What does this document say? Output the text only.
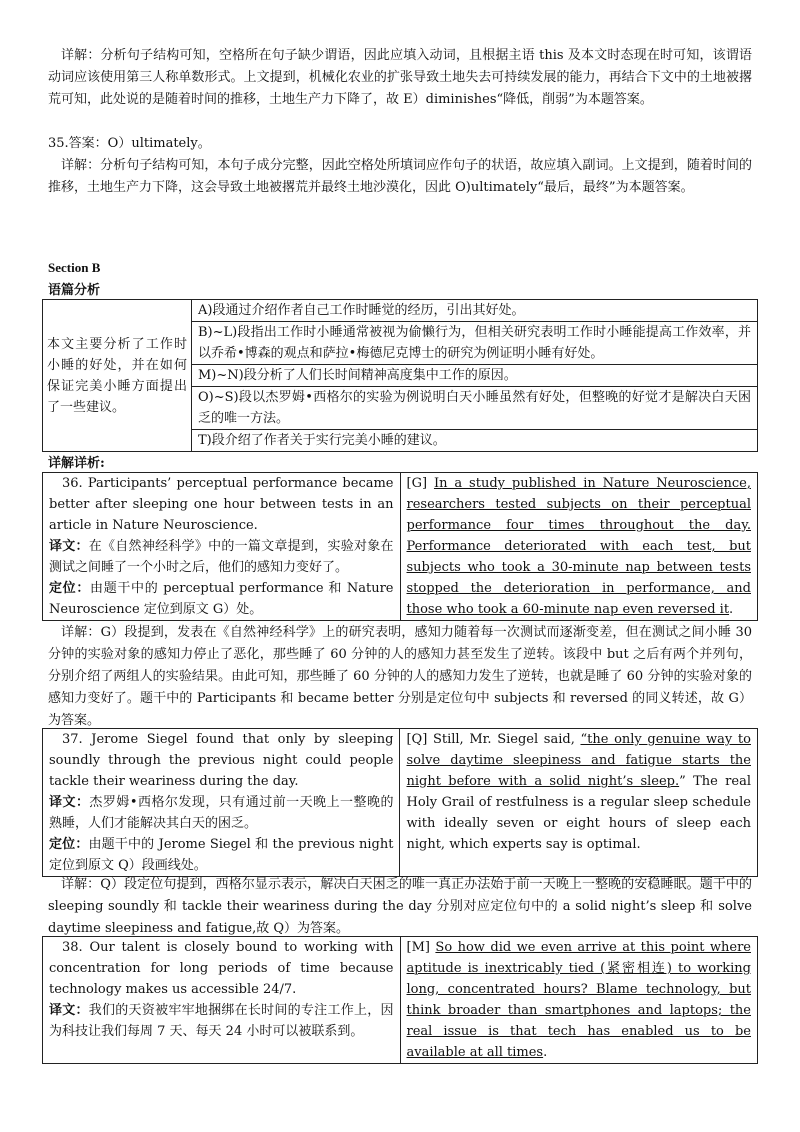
详解：分析句子结构可知，空格所在句子缺少谓语，因此应填入动词，且根据主语 this 及本文时态现在时可知，该谓语动词应该使用第三人称单数形式。上文提到，机械化农业的扩张导致土地失去可持续发展的能力，再结合下文中的土地被撂荒可知，此处说的是随着时间的推移，土地生产力下降了，故 E）diminishes“降低，削弱”为本题答案。

35.答案：O）ultimately。

详解：分析句子结构可知，本句子成分完整，因此空格处所填词应作句子的状语，故应填入副词。上文提到，随着时间的推移，土地生产力下降，这会导致土地被撂荒并最终土地沙漠化，因此 O)ultimately“最后，最终”为本题答案。

Section B

语篇分析

本文主要分析了工作时小睡的好处，并在如何保证完美小睡方面提出了一些建议。	A)段通过介绍作者自己工作时睡觉的经历，引出其好处。
B)~L)段指出工作时小睡通常被视为偷懒行为，但相关研究表明工作时小睡能提高工作效率，并以乔希•博森的观点和萨拉•梅德尼克博士的研究为例证明小睡有好处。
M)~N)段分析了人们长时间精神高度集中工作的原因。
O)~S)段以杰罗姆•西格尔的实验为例说明白天小睡虽然有好处，但整晚的好觉才是解决白天困乏的唯一方法。
T)段介绍了作者关于实行完美小睡的建议。

详解详析:

36. Participants’ perceptual performance became better after sleeping one hour between tests in an article in Nature Neuroscience.
译文：在《自然神经科学》中的一篇文章提到，实验对象在测试之间睡了一个小时之后，他们的感知力变好了。
定位：由题干中的 perceptual performance 和 Nature Neuroscience 定位到原文 G）处。
	[G] In a study published in Nature Neuroscience, researchers tested subjects on their perceptual performance four times throughout the day. Performance deteriorated with each test, but subjects who took a 30-minute nap between tests stopped the deterioration in performance, and those who took a 60-minute nap even reversed it.

详解：G）段提到，发表在《自然神经科学》上的研究表明，感知力随着每一次测试而逐渐变差，但在测试之间小睡 30 分钟的实验对象的感知力停止了恶化，那些睡了 60 分钟的人的感知力甚至发生了逆转。该段中 but 之后有两个并列句，分别介绍了两组人的实验结果。由此可知，那些睡了 60 分钟的人的感知力发生了逆转，也就是睡了 60 分钟的实验对象的感知力变好了。题干中的 Participants 和 became better 分别是定位句中 subjects 和 reversed 的同义转述，故 G）为答案。

37. Jerome Siegel found that only by sleeping soundly through the previous night could people tackle their weariness during the day.
译文：杰罗姆•西格尔发现，只有通过前一天晚上一整晚的熟睡，人们才能解决其白天的困乏。
定位：由题干中的 Jerome Siegel 和 the previous night 定位到原文 Q）段画线处。
	[Q] Still, Mr. Siegel said, “the only genuine way to solve daytime sleepiness and fatigue starts the night before with a solid night’s sleep.” The real Holy Grail of restfulness is a regular sleep schedule with ideally seven or eight hours of sleep each night, which experts say is optimal.

详解：Q）段定位句提到，西格尔显示表示，解决白天困乏的唯一真正办法始于前一天晚上一整晚的安稳睡眠。题干中的 sleeping soundly 和 tackle their weariness during the day 分别对应定位句中的 a solid night’s sleep 和 solve daytime sleepiness and fatigue,故 Q）为答案。

38. Our talent is closely bound to working with concentration for long periods of time because technology makes us accessible 24/7.
译文：我们的天资被牢牢地捆绑在长时间的专注工作上，因为科技让我们每周 7 天、每天 24 小时可以被联系到。
	[M] So how did we even arrive at this point where aptitude is inextricably tied (紧密相连) to working long, concentrated hours? Blame technology, but think broader than smartphones and laptops; the real issue is that tech has enabled us to be available at all times.
